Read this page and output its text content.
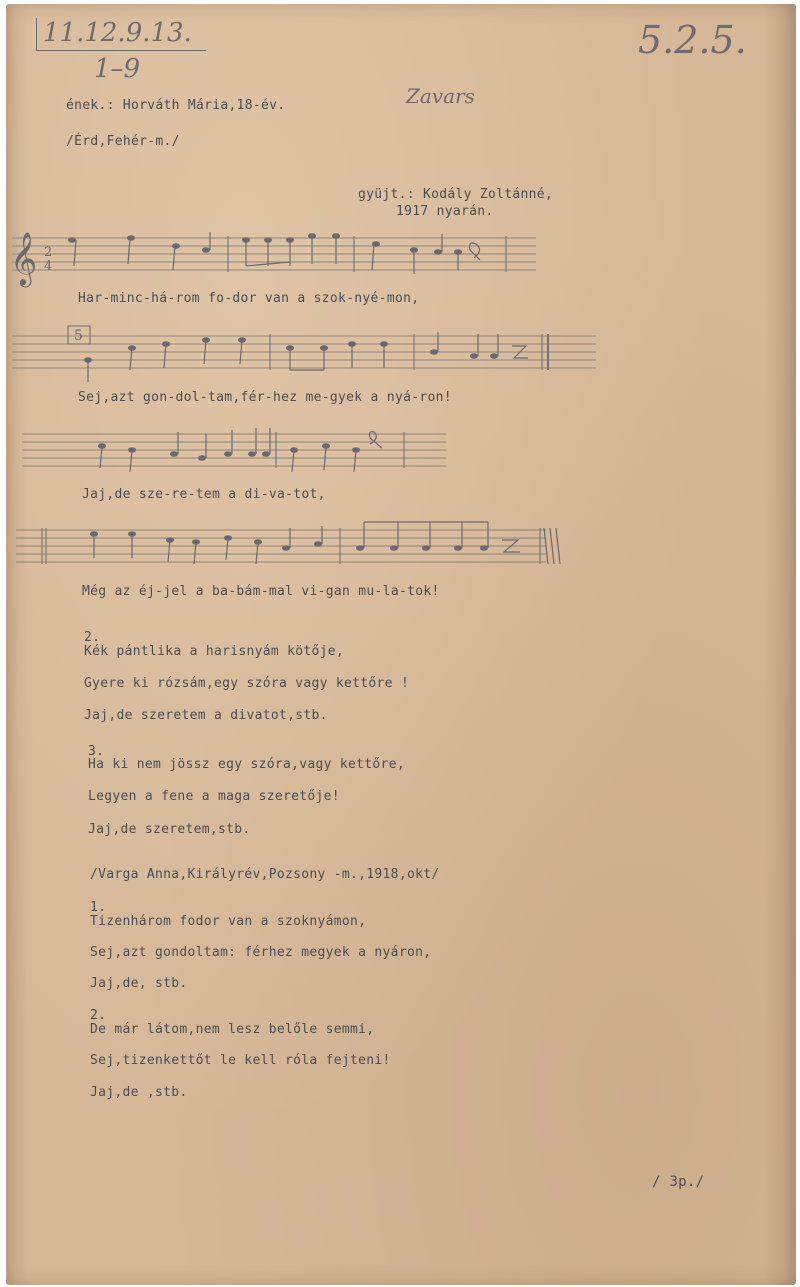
11.12.9.13.
1–9
5.2.5.
Zavars
ének.: Horváth Mária,18-év.
/Érd,Fehér-m./
gyüjt.: Kodály Zoltánné,
1917 nyarán.
𝄞 2
4
Har-minc-há-rom fo-dor van a szok-nyé-mon,
5
Sej,azt gon-dol-tam,fér-hez me-gyek a nyá-ron!
Jaj,de sze-re-tem a di-va-tot,
Még az éj-jel a ba-bám-mal vi-gan mu-la-tok!
2.
Kék pántlika a harisnyám kötője,
Gyere ki rózsám,egy szóra vagy kettőre !
Jaj,de szeretem a divatot,stb.
3.
Ha ki nem jössz egy szóra,vagy kettőre,
Legyen a fene a maga szeretője!
Jaj,de szeretem,stb.
/Varga Anna,Királyrév,Pozsony -m.,1918,okt/
1.
Tizenhárom fodor van a szoknyámon,
Sej,azt gondoltam: férhez megyek a nyáron,
Jaj,de, stb.
2.
De már látom,nem lesz belőle semmi,
Sej,tizenkettőt le kell róla fejteni!
Jaj,de ,stb.
/ 3p./
